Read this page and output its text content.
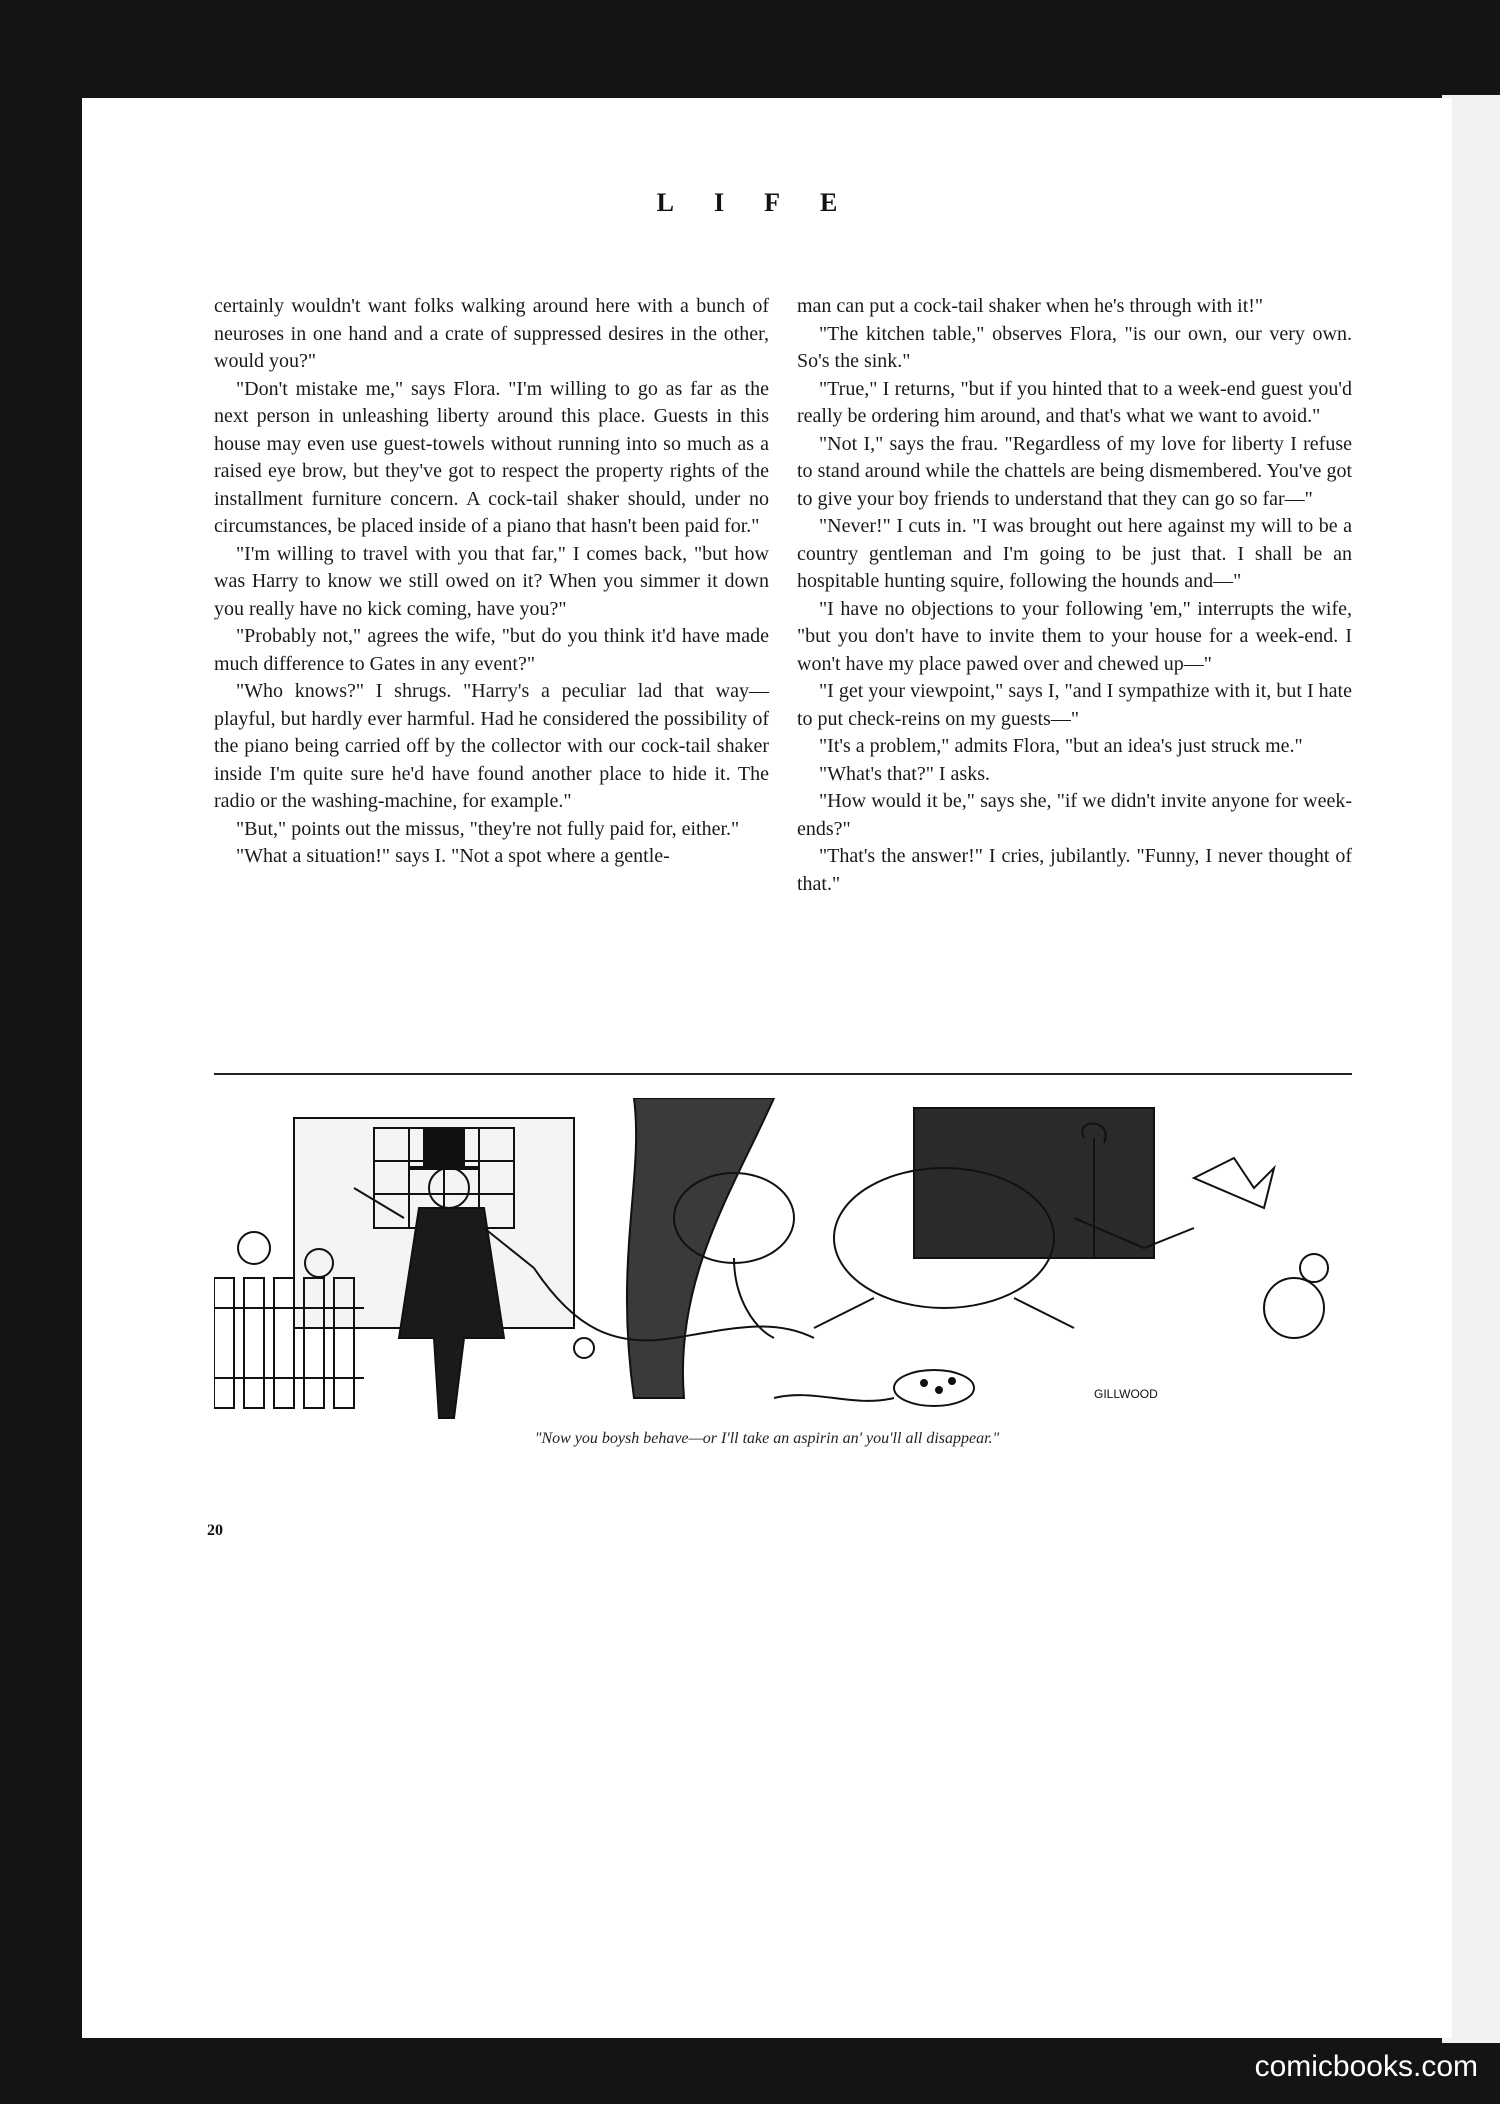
LIFE

certainly wouldn't want folks walking around here with a bunch of neuroses in one hand and a crate of suppressed desires in the other, would you?"

"Don't mistake me," says Flora. "I'm willing to go as far as the next person in unleashing liberty around this place. Guests in this house may even use guest-towels without running into so much as a raised eye brow, but they've got to respect the property rights of the installment furniture concern. A cock-tail shaker should, under no circumstances, be placed inside of a piano that hasn't been paid for."

"I'm willing to travel with you that far," I comes back, "but how was Harry to know we still owed on it? When you simmer it down you really have no kick coming, have you?"

"Probably not," agrees the wife, "but do you think it'd have made much difference to Gates in any event?"

"Who knows?" I shrugs. "Harry's a peculiar lad that way—playful, but hardly ever harmful. Had he considered the possibility of the piano being carried off by the collector with our cock-tail shaker inside I'm quite sure he'd have found another place to hide it. The radio or the washing-machine, for example."

"But," points out the missus, "they're not fully paid for, either."

"What a situation!" says I. "Not a spot where a gentle-

man can put a cock-tail shaker when he's through with it!"

"The kitchen table," observes Flora, "is our own, our very own. So's the sink."

"True," I returns, "but if you hinted that to a week-end guest you'd really be ordering him around, and that's what we want to avoid."

"Not I," says the frau. "Regardless of my love for liberty I refuse to stand around while the chattels are being dismembered. You've got to give your boy friends to understand that they can go so far—"

"Never!" I cuts in. "I was brought out here against my will to be a country gentleman and I'm going to be just that. I shall be an hospitable hunting squire, following the hounds and—"

"I have no objections to your following 'em," interrupts the wife, "but you don't have to invite them to your house for a week-end. I won't have my place pawed over and chewed up—"

"I get your viewpoint," says I, "and I sympathize with it, but I hate to put check-reins on my guests—"

"It's a problem," admits Flora, "but an idea's just struck me."

"What's that?" I asks.

"How would it be," says she, "if we didn't invite anyone for week-ends?"

"That's the answer!" I cries, jubilantly. "Funny, I never thought of that."

GILLWOOD
"Now you boysh behave—or I'll take an aspirin an' you'll all disappear."
20
comicbooks.com
